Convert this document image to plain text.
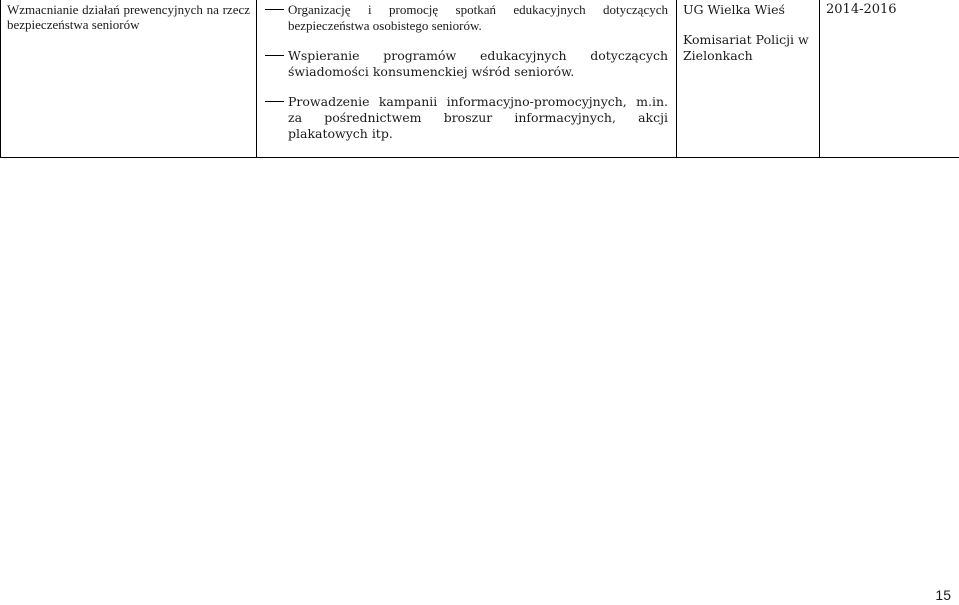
Wzmacnianie działań prewencyjnych na rzecz bezpieczeństwa seniorów

Organizację i promocję spotkań edukacyjnych dotyczących bezpieczeństwa osobistego seniorów.
Wspieranie programów edukacyjnych dotyczących świadomości konsumenckiej wśród seniorów.
Prowadzenie kampanii informacyjno-promocyjnych, m.in. za pośrednictwem broszur informacyjnych, akcji plakatowych itp.

UG Wielka Wieś
Komisariat Policji w Zielonkach

2014-2016
15
